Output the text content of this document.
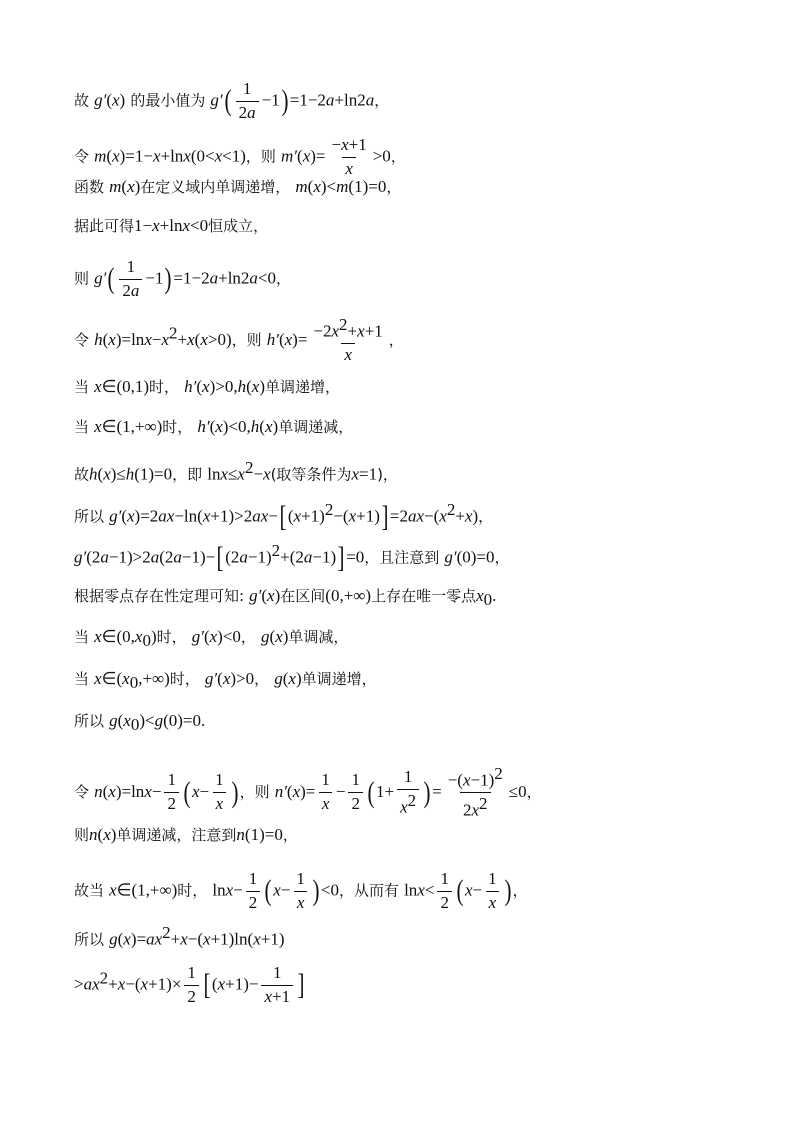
故 g′(x) 的最小值为 $g'( \frac{1}{2a} -1)=1-2a+\ln 2a$，
令 m(x)=1−x+lnx(0<x<1)，则 $m'(x)= \frac{-x+1}{x} >0$，
函数 m(x)在定义域内单调递增， m(x)<m(1)=0，
据此可得1−x+lnx<0恒成立，
则 $g'( \frac{1}{2a} -1)=1-2a+\ln 2a<0$，
令 $h(x)=\ln x-x^2+x(x>0)$，则 $h'(x)= \frac{-2x^2+x+1}{x}$ ，
当 x∈(0,1)时， h′(x)>0,h(x)单调递增，
当 x∈(1,+∞)时， h′(x)<0,h(x)单调递减，
故h(x)≤h(1)=0，即 $\ln x\le x^2-x$(取等条件为x=1)，
所以 $g'(x)=2ax-\ln(x+1)>2ax-[(x+1)^2-(x+1)]=2ax-(x^2+x)$，
$g'(2a-1)>2a(2a-1)-[(2a-1)^2+(2a-1)]=0$，且注意到 g′(0)=0，
根据零点存在性定理可知: g′(x)在区间(0,+∞)上存在唯一零点$x_0$.
当 $x\in(0,x_0)$时， g′(x)<0， g(x)单调减，
当 $x\in(x_0,+\infty)$时， g′(x)>0， g(x)单调递增，
所以 $g(x_0)<g(0)=0$.
令 $n(x)=\ln x- \frac{1}{2} (x- \frac{1}{x}$ ) ，则 $n'(x)= \frac{1}{x} - \frac{1}{2} (1+ \frac{1}{x^2}$ )= $\frac{-(x-1)^2}{2x^2} \le 0$，
则n(x)单调递减，注意到n(1)=0，
故当 x∈(1,+∞)时， $\ln x- \frac{1}{2} (x- \frac{1}{x} )<0$，从而有 $\ln x< \frac{1}{2} (x- \frac{1}{x}$ ) ，
所以 $g(x)=ax^2+x-(x+1)\ln(x+1)$
$>ax^2+x-(x+1)\times \frac{1}{2} [(x+1)- \frac{1}{x+1}$ ]
